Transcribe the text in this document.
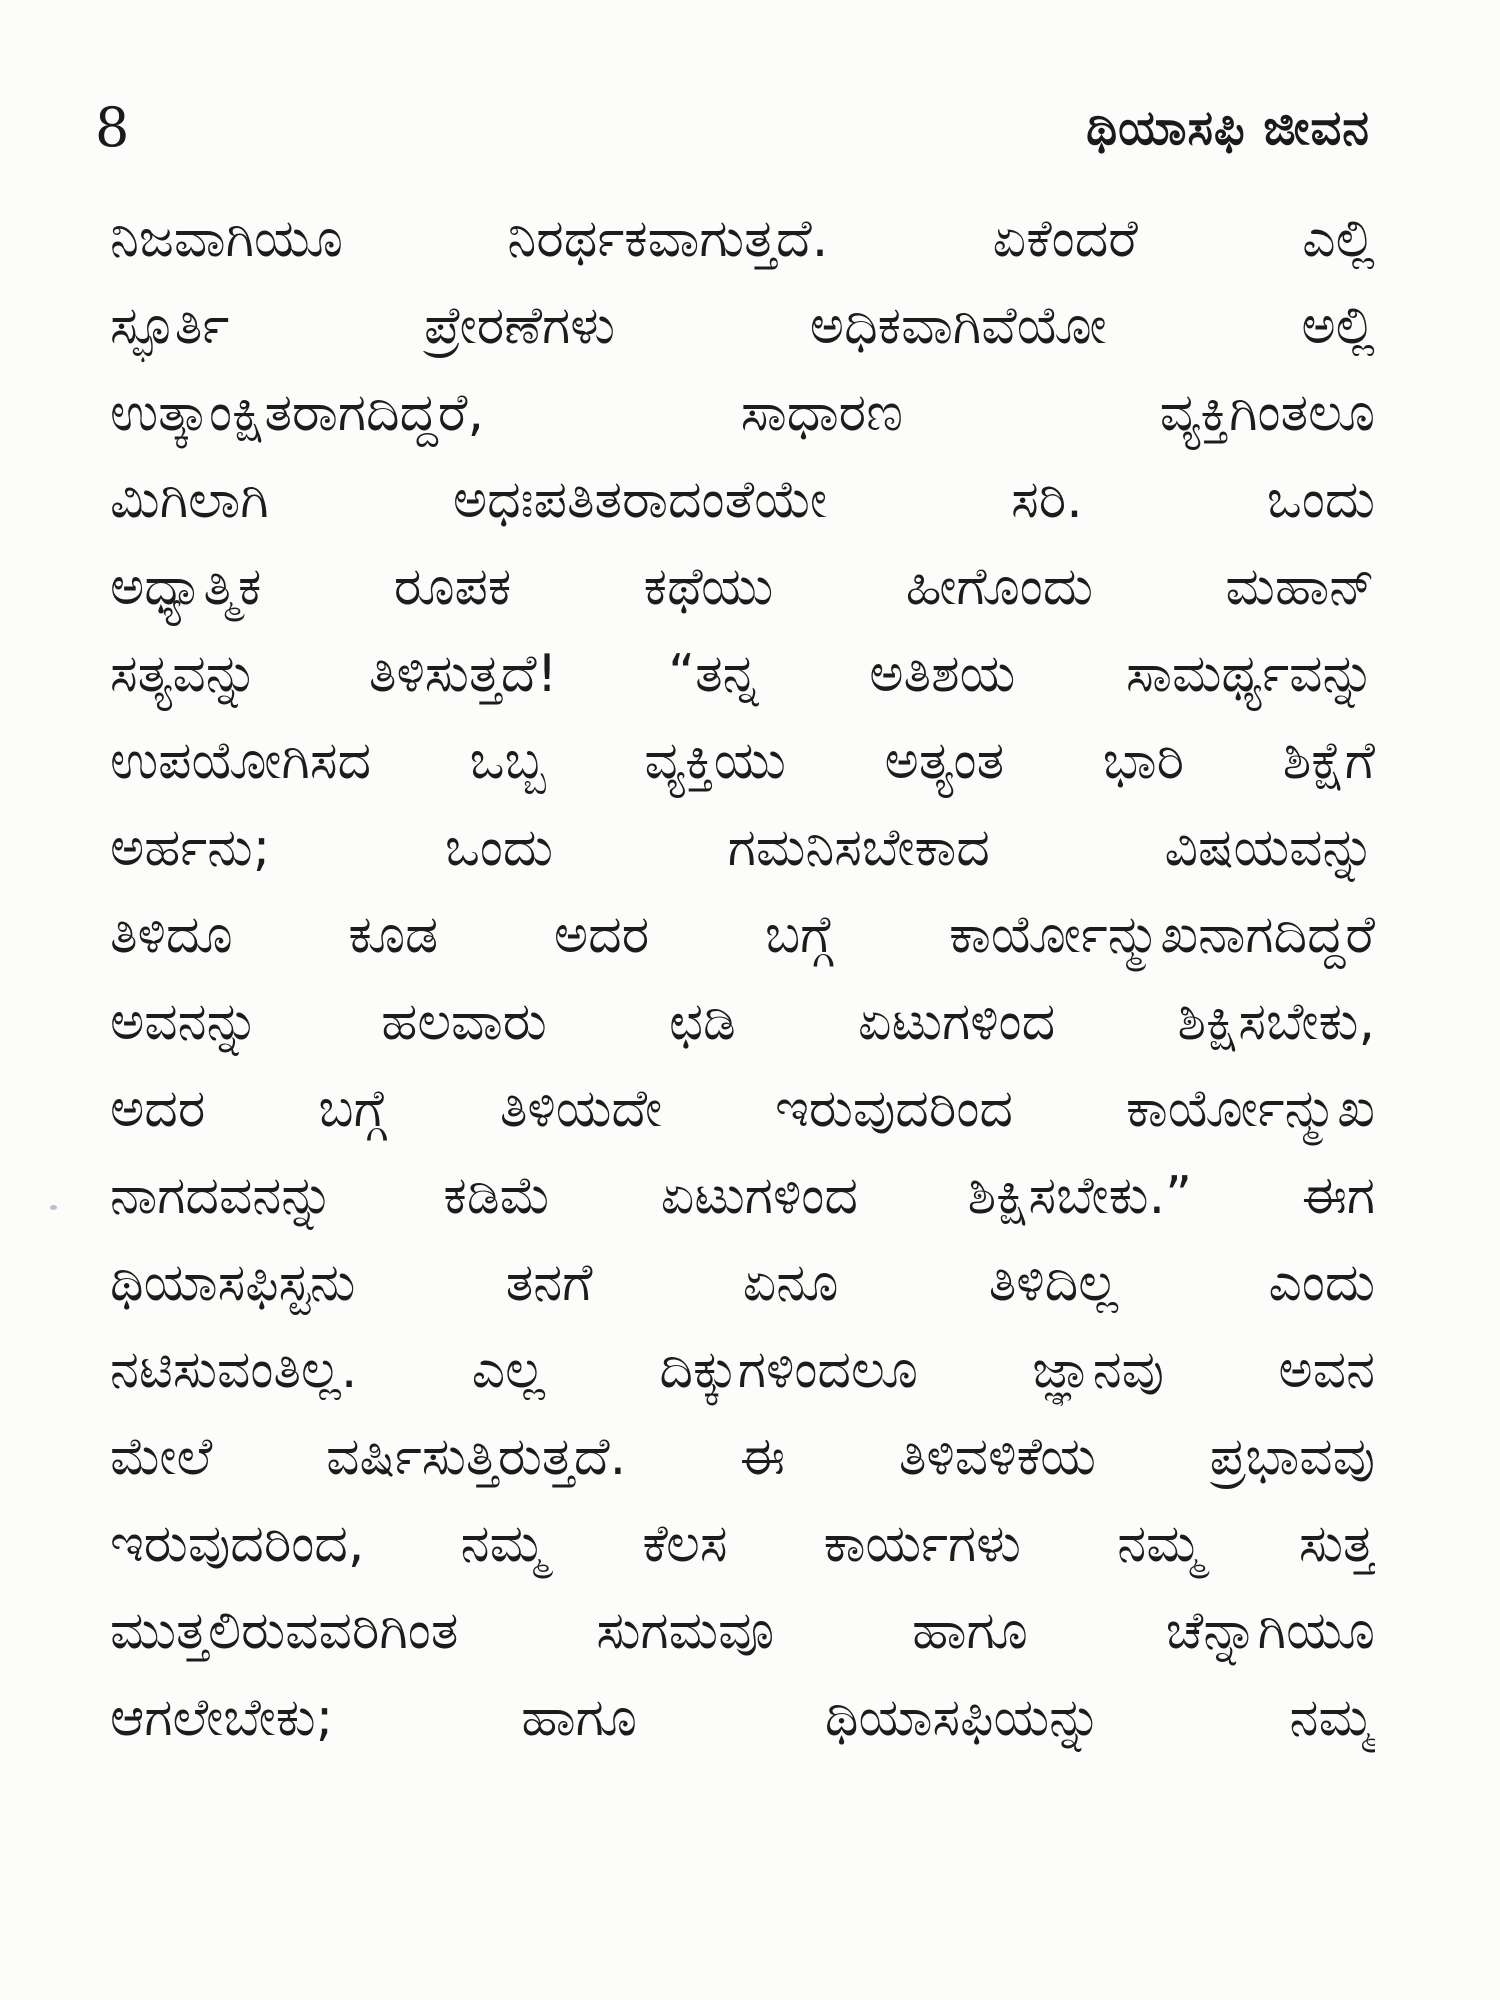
8	ಥಿಯಾಸಫಿ ಜೀವನ
ನಿಜವಾಗಿಯೂ ನಿರರ್ಥಕವಾಗುತ್ತದೆ. ಏಕೆಂದರೆ ಎಲ್ಲಿ
ಸ್ಫೂರ್ತಿ ಪ್ರೇರಣೆಗಳು ಅಧಿಕವಾಗಿವೆಯೋ ಅಲ್ಲಿ
ಉತ್ಕಾಂಕ್ಷಿತರಾಗದಿದ್ದರೆ, ಸಾಧಾರಣ ವ್ಯಕ್ತಿಗಿಂತಲೂ
ಮಿಗಿಲಾಗಿ ಅಧಃಪತಿತರಾದಂತೆಯೇ ಸರಿ. ಒಂದು
ಅಧ್ಯಾತ್ಮಿಕ ರೂಪಕ ಕಥೆಯು ಹೀಗೊಂದು ಮಹಾನ್
ಸತ್ಯವನ್ನು ತಿಳಿಸುತ್ತದೆ! “ತನ್ನ ಅತಿಶಯ ಸಾಮರ್ಥ್ಯವನ್ನು
ಉಪಯೋಗಿಸದ ಒಬ್ಬ ವ್ಯಕ್ತಿಯು ಅತ್ಯಂತ ಭಾರಿ ಶಿಕ್ಷೆಗೆ
ಅರ್ಹನು; ಒಂದು ಗಮನಿಸಬೇಕಾದ ವಿಷಯವನ್ನು
ತಿಳಿದೂ ಕೂಡ ಅದರ ಬಗ್ಗೆ ಕಾರ್ಯೋನ್ಮುಖನಾಗದಿದ್ದರೆ
ಅವನನ್ನು ಹಲವಾರು ಛಡಿ ಏಟುಗಳಿಂದ ಶಿಕ್ಷಿಸಬೇಕು,
ಅದರ ಬಗ್ಗೆ ತಿಳಿಯದೇ ಇರುವುದರಿಂದ ಕಾರ್ಯೋನ್ಮುಖ
ನಾಗದವನನ್ನು ಕಡಿಮೆ ಏಟುಗಳಿಂದ ಶಿಕ್ಷಿಸಬೇಕು.” ಈಗ
ಥಿಯಾಸಫಿಸ್ಟನು ತನಗೆ ಏನೂ ತಿಳಿದಿಲ್ಲ ಎಂದು
ನಟಿಸುವಂತಿಲ್ಲ. ಎಲ್ಲ ದಿಕ್ಕುಗಳಿಂದಲೂ ಜ್ಞಾನವು ಅವನ
ಮೇಲೆ ವರ್ಷಿಸುತ್ತಿರುತ್ತದೆ. ಈ ತಿಳಿವಳಿಕೆಯ ಪ್ರಭಾವವು
ಇರುವುದರಿಂದ, ನಮ್ಮ ಕೆಲಸ ಕಾರ್ಯಗಳು ನಮ್ಮ ಸುತ್ತ
ಮುತ್ತಲಿರುವವರಿಗಿಂತ ಸುಗಮವೂ ಹಾಗೂ ಚೆನ್ನಾಗಿಯೂ
ಆಗಲೇಬೇಕು; ಹಾಗೂ ಥಿಯಾಸಫಿಯನ್ನು ನಮ್ಮ
